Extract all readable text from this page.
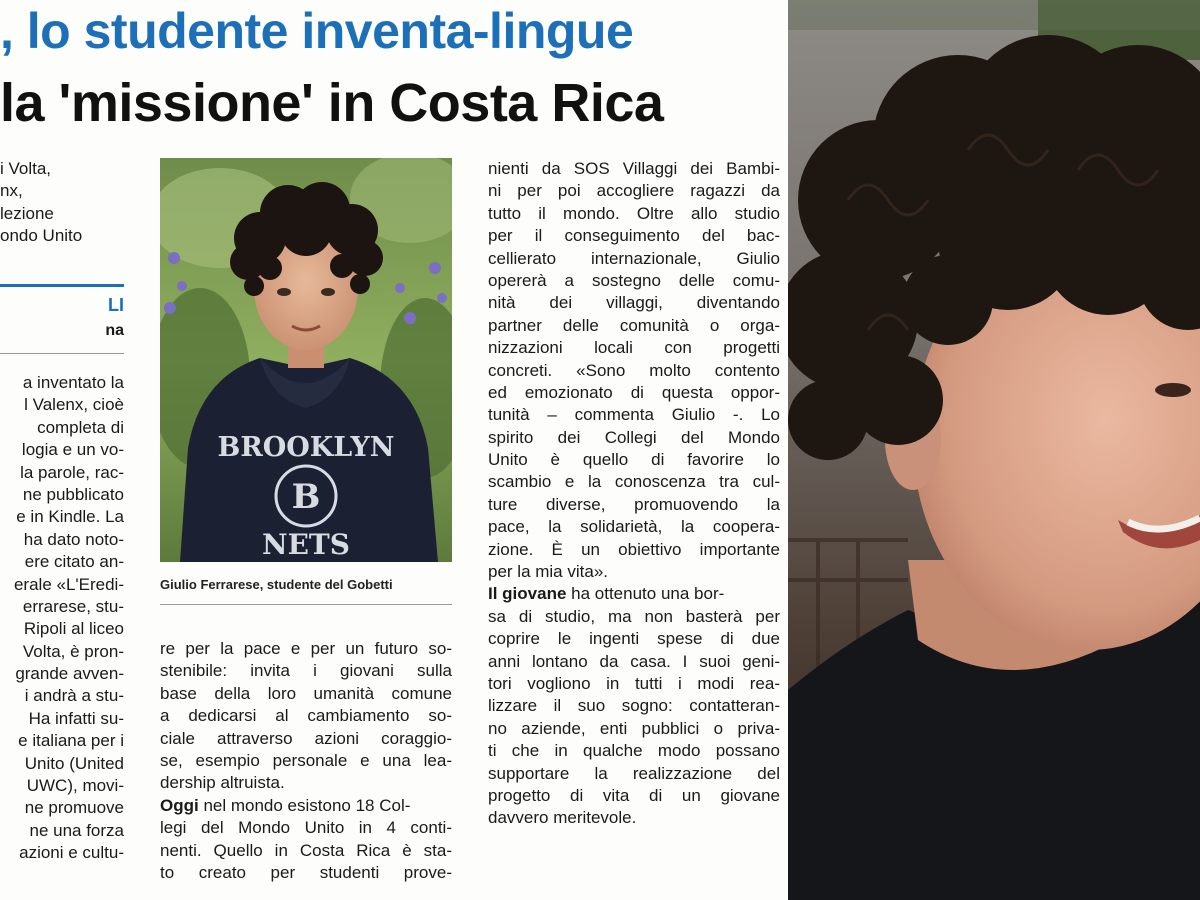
, lo studente inventa-lingue
la 'missione' in Costa Rica
i Volta,
nx,
lezione
ondo Unito
LI
na
a inventato la
l Valenx, cioè
completa di
logia e un vo-
la parole, rac-
ne pubblicato
e in Kindle. La
ha dato noto-
ere citato an-
erale «L'Eredi-
errarese, stu-
Ripoli al liceo
Volta, è pron-
grande avven-
i andrà a stu-
Ha infatti su-
e italiana per i
Unito (United
UWC), movi-
ne promuove
ne una forza
azioni e cultu-
BROOKLYN
B
NETS
Giulio Ferrarese, studente del Gobetti
re per la pace e per un futuro so-
stenibile: invita i giovani sulla
base della loro umanità comune
a dedicarsi al cambiamento so-
ciale attraverso azioni coraggio-
se, esempio personale e una lea-
dership altruista.
Oggi nel mondo esistono 18 Col-
legi del Mondo Unito in 4 conti-
nenti. Quello in Costa Rica è sta-
to creato per studenti prove-
nienti da SOS Villaggi dei Bambi-
ni per poi accogliere ragazzi da
tutto il mondo. Oltre allo studio
per il conseguimento del bac-
cellierato internazionale, Giulio
opererà a sostegno delle comu-
nità dei villaggi, diventando
partner delle comunità o orga-
nizzazioni locali con progetti
concreti. «Sono molto contento
ed emozionato di questa oppor-
tunità – commenta Giulio -. Lo
spirito dei Collegi del Mondo
Unito è quello di favorire lo
scambio e la conoscenza tra cul-
ture diverse, promuovendo la
pace, la solidarietà, la coopera-
zione. È un obiettivo importante
per la mia vita».
Il giovane ha ottenuto una bor-
sa di studio, ma non basterà per
coprire le ingenti spese di due
anni lontano da casa. I suoi geni-
tori vogliono in tutti i modi rea-
lizzare il suo sogno: contatteran-
no aziende, enti pubblici o priva-
ti che in qualche modo possano
supportare la realizzazione del
progetto di vita di un giovane
davvero meritevole.
